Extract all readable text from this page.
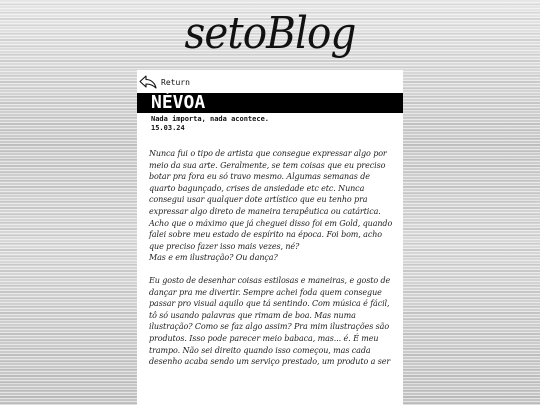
setoBlog
Return
NÉVOA
Nada importa, nada acontece.
15.03.24

Nunca fui o tipo de artista que consegue expressar algo por meio da sua arte. Geralmente, se tem coisas que eu preciso botar pra fora eu só travo mesmo. Algumas semanas de quarto bagunçado, crises de ansiedade etc etc. Nunca consegui usar qualquer dote artístico que eu tenho pra expressar algo direto de maneira terapêutica ou catártica. Acho que o máximo que já cheguei disso foi em Gold, quando falei sobre meu estado de espírito na época. Foi bom, acho que preciso fazer isso mais vezes, né?

Mas e em ilustração? Ou dança?

Eu gosto de desenhar coisas estilosas e maneiras, e gosto de dançar pra me divertir. Sempre achei foda quem consegue passar pro visual aquilo que tá sentindo. Com música é fácil, tô só usando palavras que rimam de boa. Mas numa ilustração? Como se faz algo assim? Pra mim ilustrações são produtos. Isso pode parecer meio babaca, mas... é. É meu trampo. Não sei direito quando isso começou, mas cada desenho acaba sendo um serviço prestado, um produto a ser
